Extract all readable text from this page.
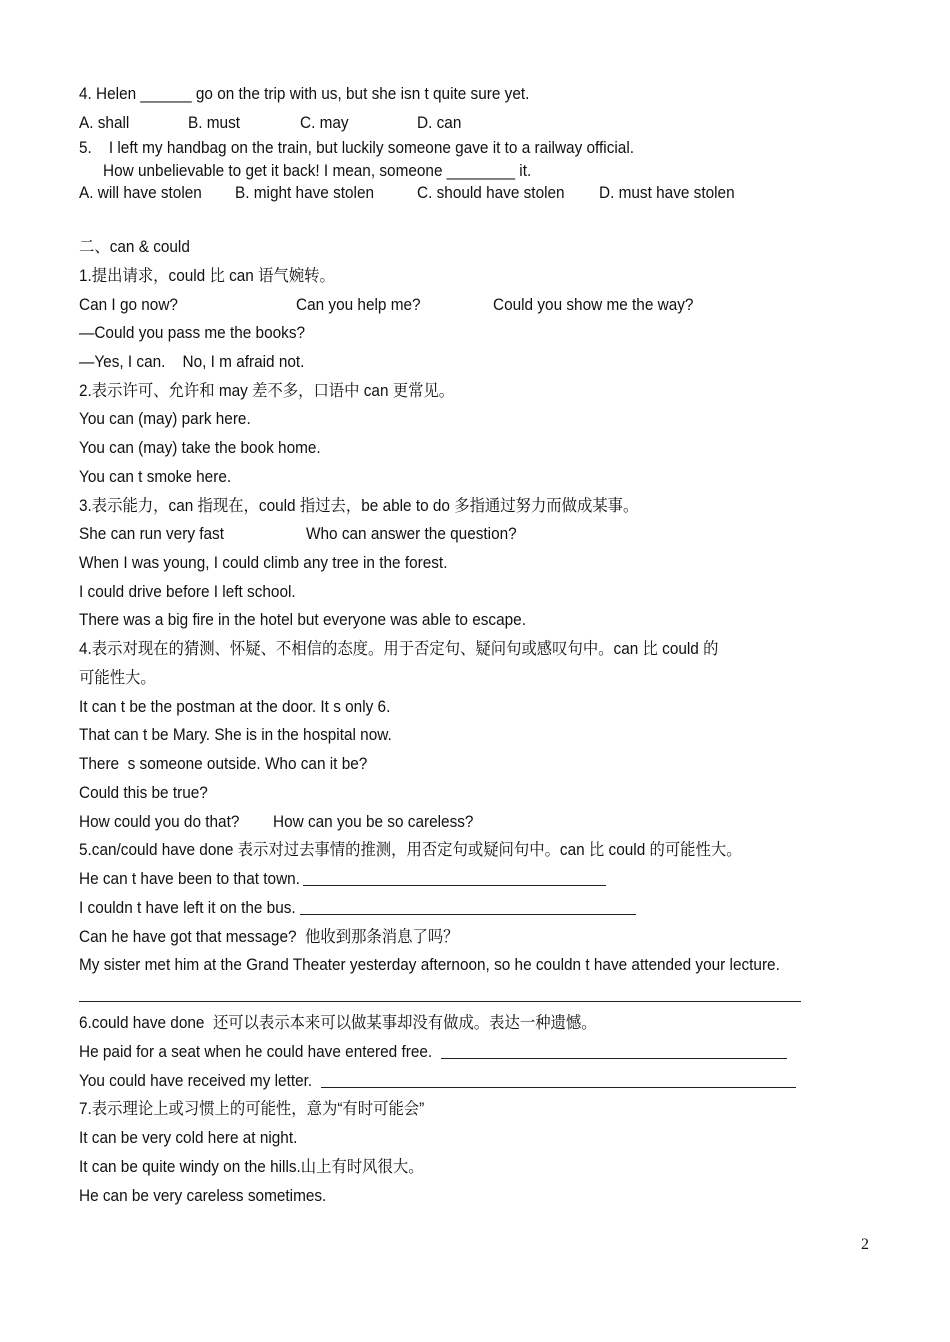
4. Helen ______ go on the trip with us, but she isn t quite sure yet.
A. shall	B. must	C. may	D. can
5.    I left my handbag on the train, but luckily someone gave it to a railway official.
How unbelievable to get it back! I mean, someone ________ it.
A. will have stolen B. might have stolen	C. should have stolen D. must have stolen
二、can & could
1.提出请求，could 比 can 语气婉转。
Can I go now?	Can you help me?	Could you show me the way?
—Could you pass me the books?
—Yes, I can.    No, I m afraid not.
2.表示许可、允许和 may 差不多，口语中 can 更常见。
You can (may) park here.
You can (may) take the book home.
You can t smoke here.
3.表示能力，can 指现在，could 指过去，be able to do 多指通过努力而做成某事。
She can run very fast	Who can answer the question?
When I was young, I could climb any tree in the forest.
I could drive before I left school.
There was a big fire in the hotel but everyone was able to escape.
4.表示对现在的猜测、怀疑、不相信的态度。用于否定句、疑问句或感叹句中。can 比 could 的
可能性大。
It can t be the postman at the door. It s only 6.
That can t be Mary. She is in the hospital now.
There  s someone outside. Who can it be?
Could this be true?
How could you do that? How can you be so careless?
5.can/could have done 表示对过去事情的推测，用否定句或疑问句中。can 比 could 的可能性大。
He can t have been to that town.
I couldn t have left it on the bus.
Can he have got that message?  他收到那条消息了吗？
My sister met him at the Grand Theater yesterday afternoon, so he couldn t have attended your lecture.
6.could have done  还可以表示本来可以做某事却没有做成。表达一种遗憾。
He paid for a seat when he could have entered free.
You could have received my letter.
7.表示理论上或习惯上的可能性，意为“有时可能会”
It can be very cold here at night.
It can be quite windy on the hills.山上有时风很大。
He can be very careless sometimes.
2
